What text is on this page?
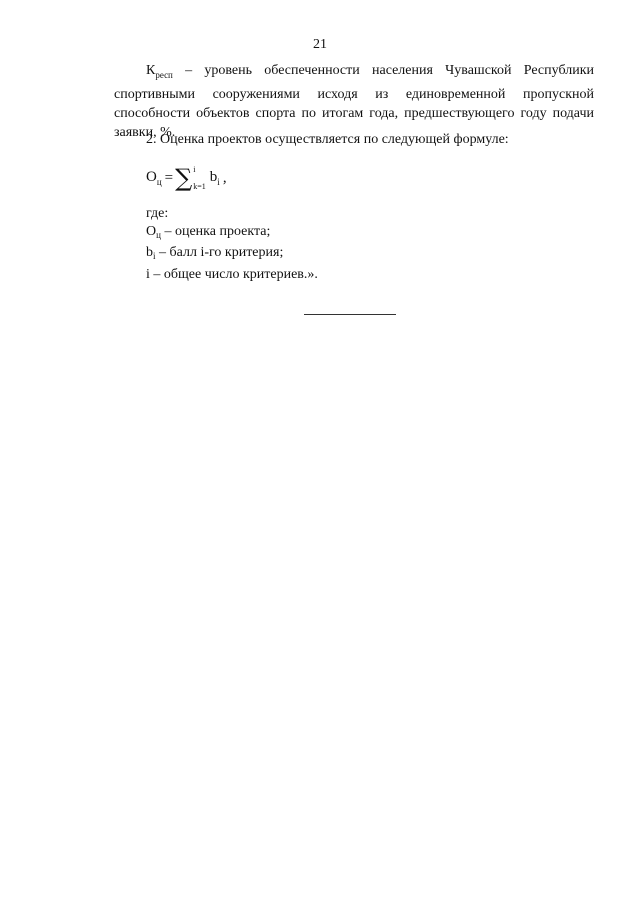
21
$К_{респ}$ – уровень обеспеченности населения Чувашской Республики спортивными сооружениями исходя из единовременной пропускной способности объектов спорта по итогам года, предшествующего году подачи заявки, %.
2. Оценка проектов осуществляется по следующей формуле:
$О_ц$ = ∑ i
k=1
$b_i$ ,
где:
$О_ц$ – оценка проекта;
$b_i$ – балл i-го критерия;
i – общее число критериев.».
